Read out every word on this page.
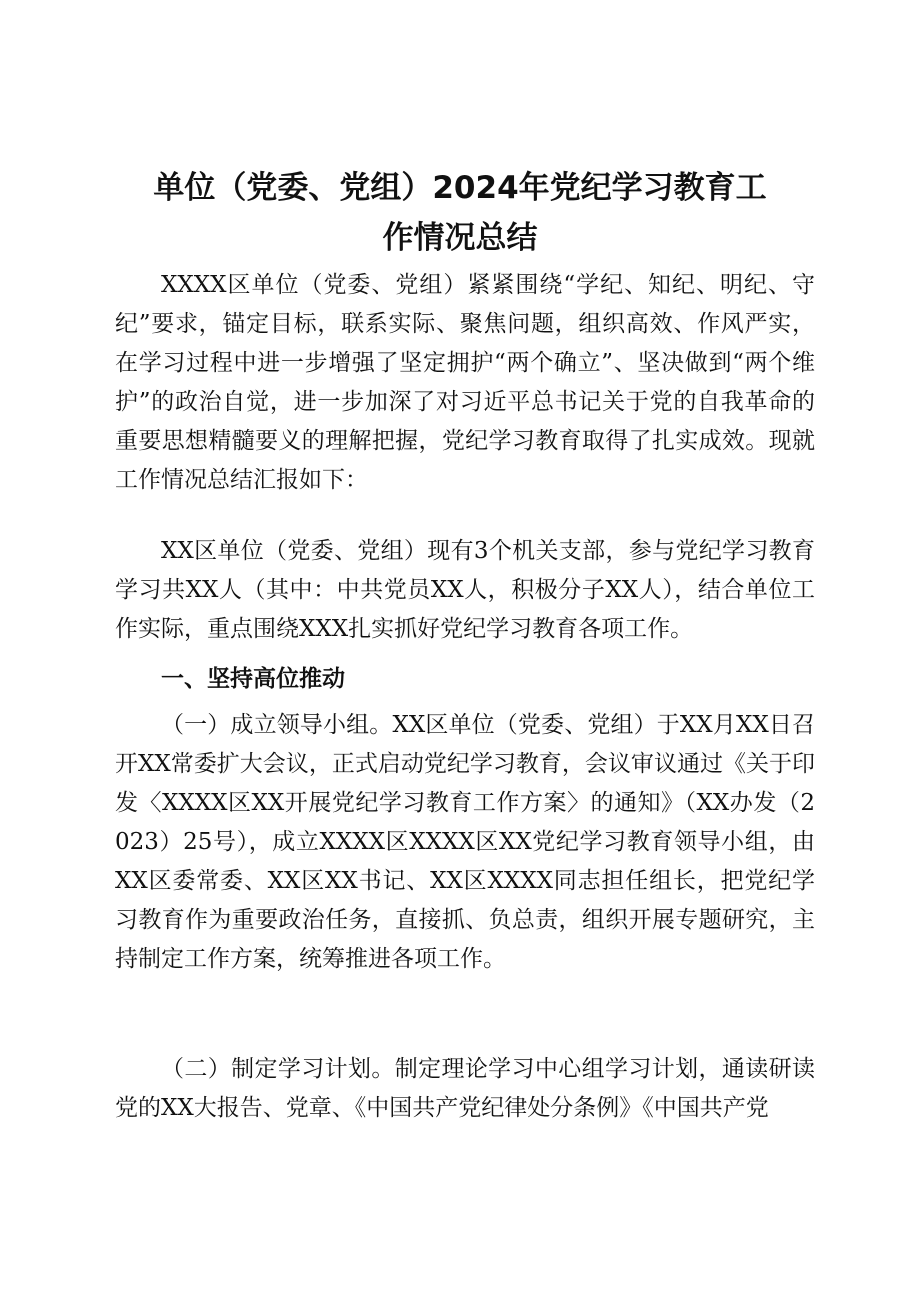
单位（党委、党组）2024年党纪学习教育工
作情况总结

XXXX区单位（党委、党组）紧紧围绕“学纪、知纪、明纪、守纪”要求，锚定目标，联系实际、聚焦问题，组织高效、作风严实，在学习过程中进一步增强了坚定拥护“两个确立”、坚决做到“两个维护”的政治自觉，进一步加深了对习近平总书记关于党的自我革命的重要思想精髓要义的理解把握，党纪学习教育取得了扎实成效。现就工作情况总结汇报如下：

XX区单位（党委、党组）现有3个机关支部，参与党纪学习教育学习共XX人（其中：中共党员XX人，积极分子XX人），结合单位工作实际，重点围绕XXX扎实抓好党纪学习教育各项工作。

一、坚持高位推动

（一）成立领导小组。XX区单位（党委、党组）于XX月XX日召开XX常委扩大会议，正式启动党纪学习教育，会议审议通过《关于印发〈XXXX区XX开展党纪学习教育工作方案〉的通知》（XX办发（2023）25号），成立XXXX区XXXX区XX党纪学习教育领导小组，由XX区委常委、XX区XX书记、XX区XXXX同志担任组长，把党纪学习教育作为重要政治任务，直接抓、负总责，组织开展专题研究，主持制定工作方案，统筹推进各项工作。

（二）制定学习计划。制定理论学习中心组学习计划，通读研读党的XX大报告、党章、《中国共产党纪律处分条例》《中国共产党
